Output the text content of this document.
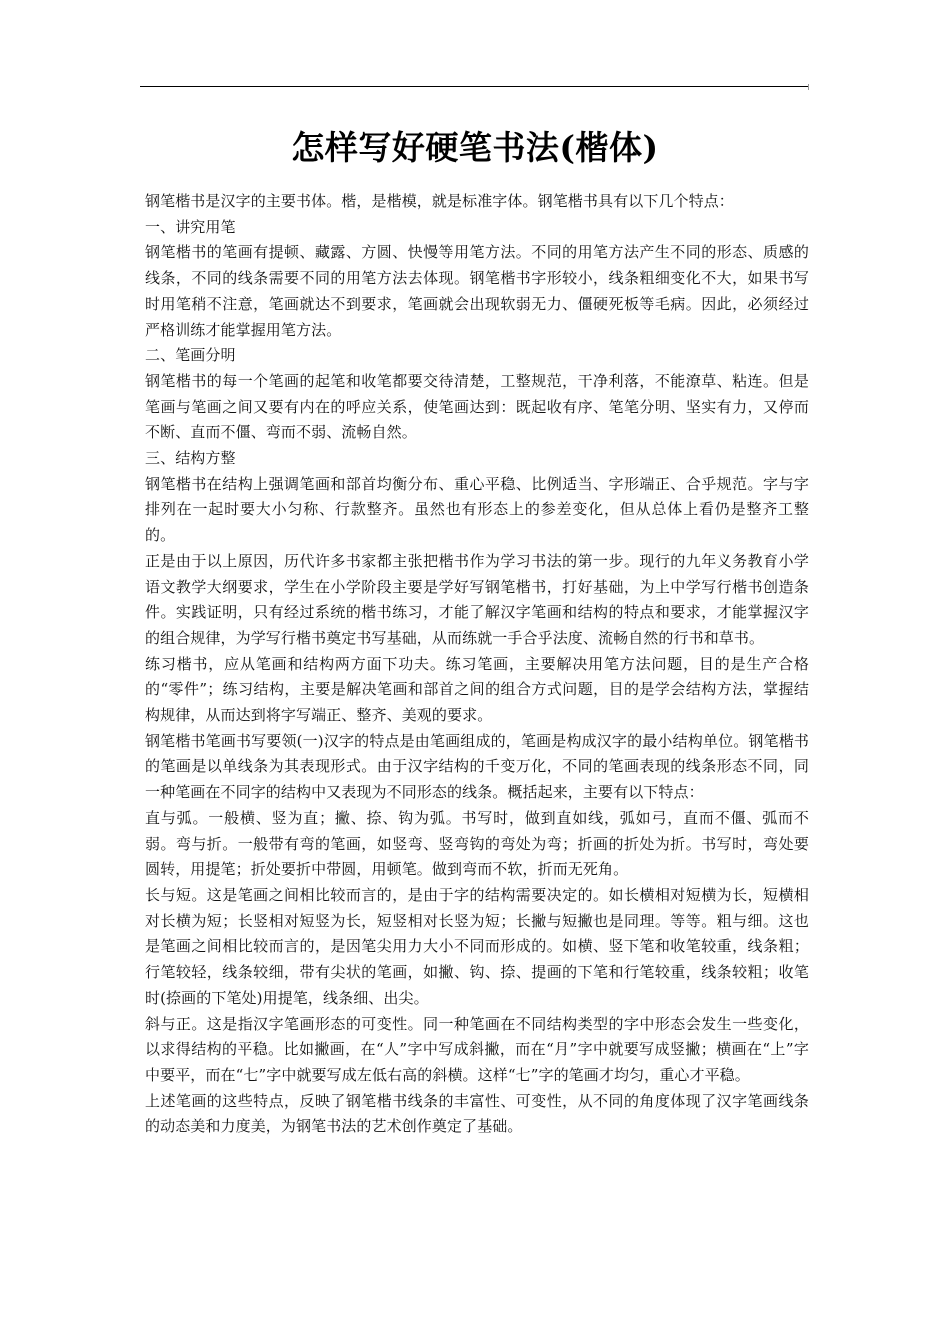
怎样写好硬笔书法(楷体)

钢笔楷书是汉字的主要书体。楷，是楷模，就是标准字体。钢笔楷书具有以下几个特点：

一、讲究用笔

钢笔楷书的笔画有提顿、藏露、方圆、快慢等用笔方法。不同的用笔方法产生不同的形态、质感的线条，不同的线条需要不同的用笔方法去体现。钢笔楷书字形较小，线条粗细变化不大，如果书写时用笔稍不注意，笔画就达不到要求，笔画就会出现软弱无力、僵硬死板等毛病。因此，必须经过严格训练才能掌握用笔方法。

二、笔画分明

钢笔楷书的每一个笔画的起笔和收笔都要交待清楚，工整规范，干净利落，不能潦草、粘连。但是笔画与笔画之间又要有内在的呼应关系，使笔画达到：既起收有序、笔笔分明、坚实有力，又停而不断、直而不僵、弯而不弱、流畅自然。

三、结构方整

钢笔楷书在结构上强调笔画和部首均衡分布、重心平稳、比例适当、字形端正、合乎规范。字与字排列在一起时要大小匀称、行款整齐。虽然也有形态上的参差变化，但从总体上看仍是整齐工整的。

正是由于以上原因，历代许多书家都主张把楷书作为学习书法的第一步。现行的九年义务教育小学语文教学大纲要求，学生在小学阶段主要是学好写钢笔楷书，打好基础，为上中学写行楷书创造条件。实践证明，只有经过系统的楷书练习，才能了解汉字笔画和结构的特点和要求，才能掌握汉字的组合规律，为学写行楷书奠定书写基础，从而练就一手合乎法度、流畅自然的行书和草书。

练习楷书，应从笔画和结构两方面下功夫。练习笔画，主要解决用笔方法问题，目的是生产合格的“零件”；练习结构，主要是解决笔画和部首之间的组合方式问题，目的是学会结构方法，掌握结构规律，从而达到将字写端正、整齐、美观的要求。

钢笔楷书笔画书写要领(一)汉字的特点是由笔画组成的，笔画是构成汉字的最小结构单位。钢笔楷书的笔画是以单线条为其表现形式。由于汉字结构的千变万化，不同的笔画表现的线条形态不同，同一种笔画在不同字的结构中又表现为不同形态的线条。概括起来，主要有以下特点：

直与弧。一般横、竖为直；撇、捺、钩为弧。书写时，做到直如线，弧如弓，直而不僵、弧而不弱。弯与折。一般带有弯的笔画，如竖弯、竖弯钩的弯处为弯；折画的折处为折。书写时，弯处要圆转，用提笔；折处要折中带圆，用顿笔。做到弯而不软，折而无死角。

长与短。这是笔画之间相比较而言的，是由于字的结构需要决定的。如长横相对短横为长，短横相对长横为短；长竖相对短竖为长，短竖相对长竖为短；长撇与短撇也是同理。等等。粗与细。这也是笔画之间相比较而言的，是因笔尖用力大小不同而形成的。如横、竖下笔和收笔较重，线条粗；行笔较轻，线条较细，带有尖状的笔画，如撇、钩、捺、提画的下笔和行笔较重，线条较粗；收笔时(捺画的下笔处)用提笔，线条细、出尖。

斜与正。这是指汉字笔画形态的可变性。同一种笔画在不同结构类型的字中形态会发生一些变化，以求得结构的平稳。比如撇画，在“人”字中写成斜撇，而在“月”字中就要写成竖撇；横画在“上”字中要平，而在“七”字中就要写成左低右高的斜横。这样“七”字的笔画才均匀，重心才平稳。

上述笔画的这些特点，反映了钢笔楷书线条的丰富性、可变性，从不同的角度体现了汉字笔画线条的动态美和力度美，为钢笔书法的艺术创作奠定了基础。
